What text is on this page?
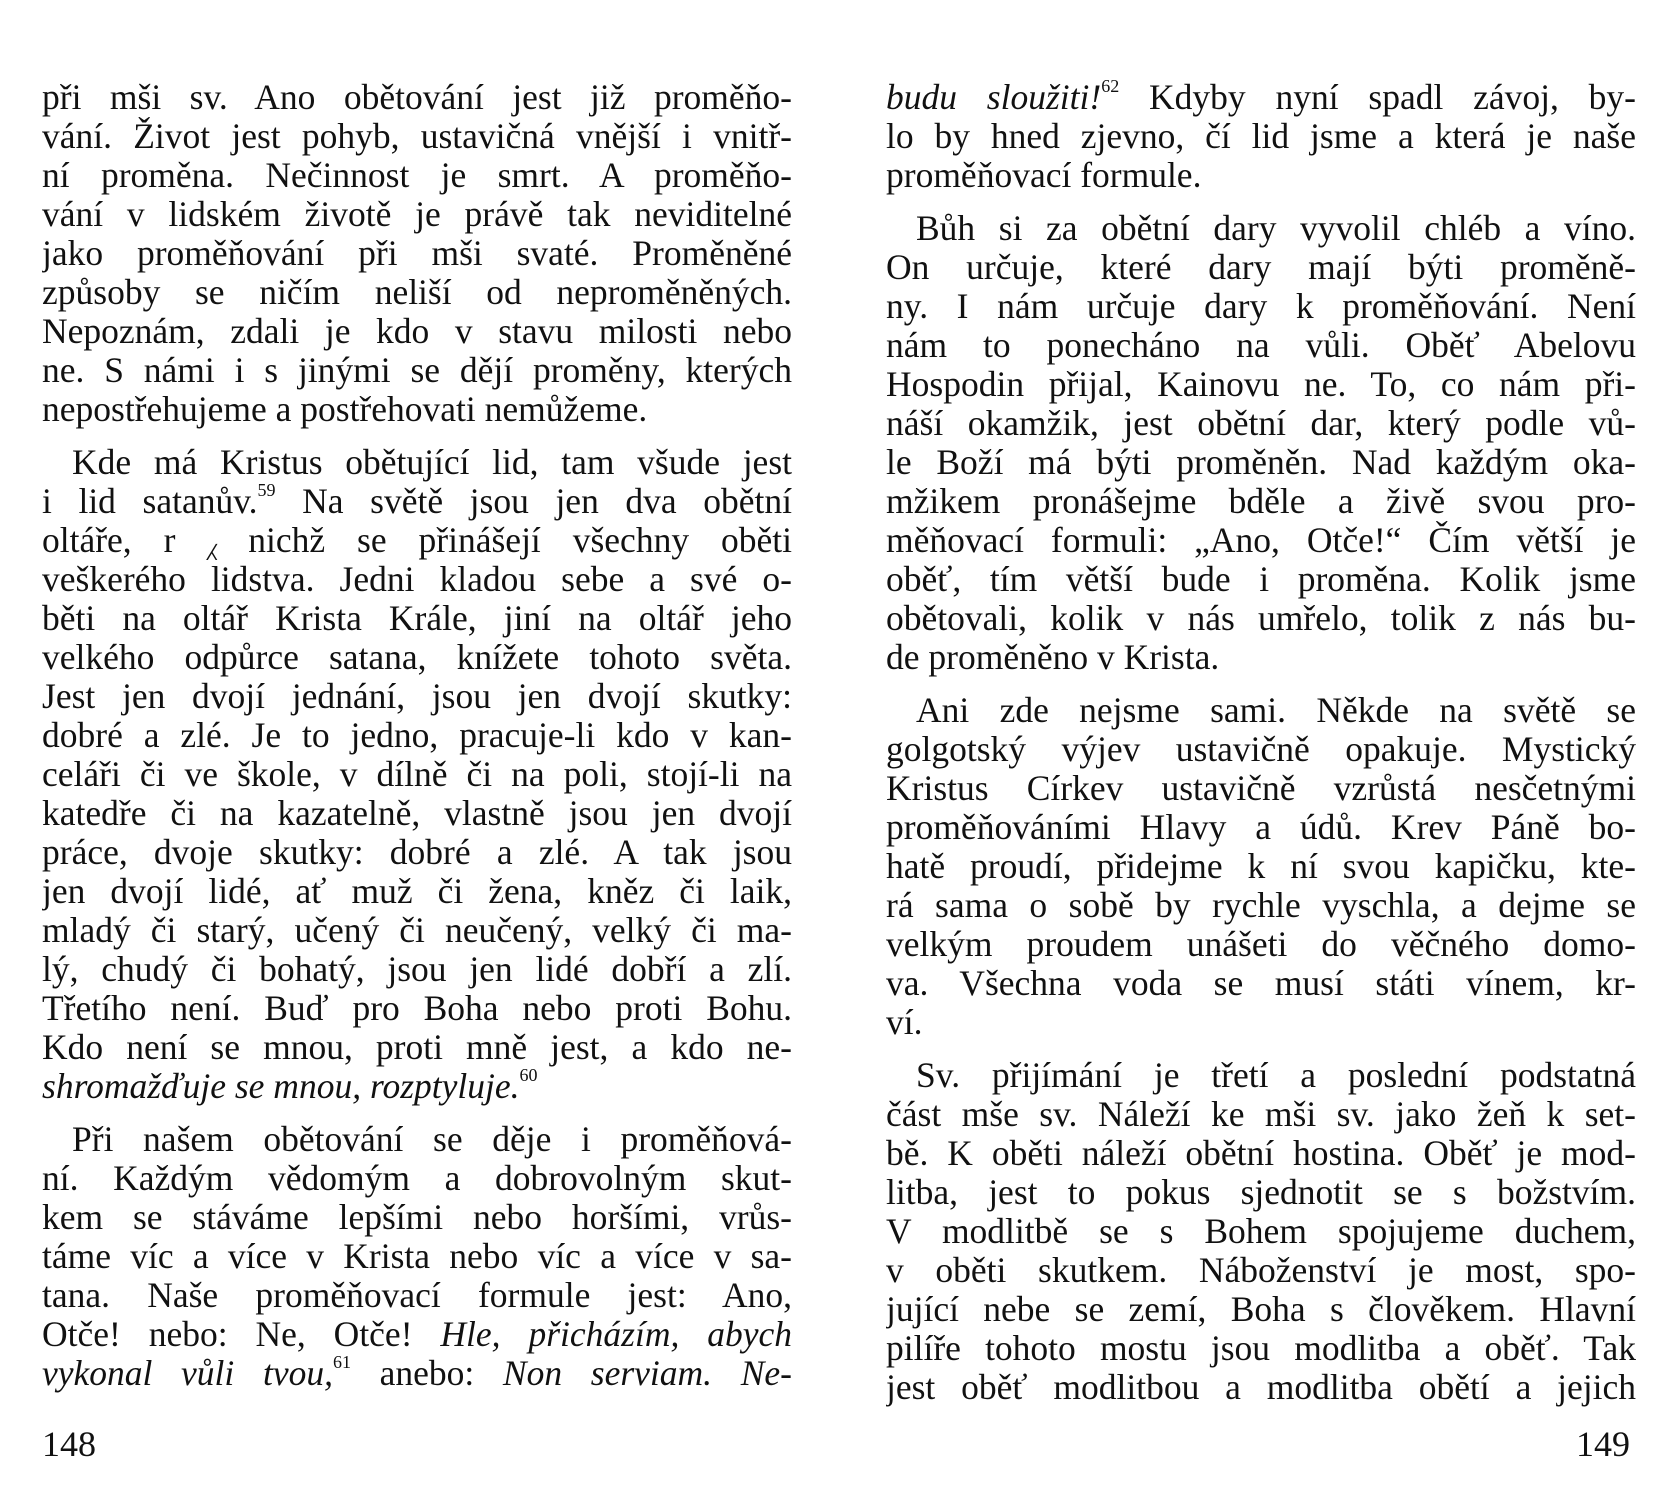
při mši sv. Ano obětování jest již proměňo-
vání. Život jest pohyb, ustavičná vnější i vnitř-
ní proměna. Nečinnost je smrt. A proměňo-
vání v lidském životě je právě tak neviditelné
jako proměňování při mši svaté. Proměněné
způsoby se ničím neliší od neproměněných.
Nepoznám, zdali je kdo v stavu milosti nebo
ne. S námi i s jinými se dějí proměny, kterých
nepostřehujeme a postřehovati nemůžeme.
Kde má Kristus obětující lid, tam všude jest
i lid satanův.$^{59}$ Na světě jsou jen dva obětní
oltáře, r ⁁ nichž se přinášejí všechny oběti
veškerého lidstva. Jedni kladou sebe a své o-
běti na oltář Krista Krále, jiní na oltář jeho
velkého odpůrce satana, knížete tohoto světa.
Jest jen dvojí jednání, jsou jen dvojí skutky:
dobré a zlé. Je to jedno, pracuje-li kdo v kan-
celáři či ve škole, v dílně či na poli, stojí-li na
katedře či na kazatelně, vlastně jsou jen dvojí
práce, dvoje skutky: dobré a zlé. A tak jsou
jen dvojí lidé, ať muž či žena, kněz či laik,
mladý či starý, učený či neučený, velký či ma-
lý, chudý či bohatý, jsou jen lidé dobří a zlí.
Třetího není. Buď pro Boha nebo proti Bohu.
Kdo není se mnou, proti mně jest, a kdo ne-
shromažďuje se mnou, rozptyluje.$^{60}$
Při našem obětování se děje i proměňová-
ní. Každým vědomým a dobrovolným skut-
kem se stáváme lepšími nebo horšími, vrůs-
táme víc a více v Krista nebo víc a více v sa-
tana. Naše proměňovací formule jest: Ano,
Otče! nebo: Ne, Otče! Hle, přicházím, abych
vykonal vůli tvou,$^{61}$ anebo: Non serviam. Ne-
148
budu sloužiti!$^{62}$ Kdyby nyní spadl závoj, by-
lo by hned zjevno, čí lid jsme a která je naše
proměňovací formule.
Bůh si za obětní dary vyvolil chléb a víno.
On určuje, které dary mají býti proměně-
ny. I nám určuje dary k proměňování. Není
nám to ponecháno na vůli. Oběť Abelovu
Hospodin přijal, Kainovu ne. To, co nám při-
náší okamžik, jest obětní dar, který podle vů-
le Boží má býti proměněn. Nad každým oka-
mžikem pronášejme bděle a živě svou pro-
měňovací formuli: „Ano, Otče!“ Čím větší je
oběť, tím větší bude i proměna. Kolik jsme
obětovali, kolik v nás umřelo, tolik z nás bu-
de proměněno v Krista.
Ani zde nejsme sami. Někde na světě se
golgotský výjev ustavičně opakuje. Mystický
Kristus Církev ustavičně vzrůstá nesčetnými
proměňováními Hlavy a údů. Krev Páně bo-
hatě proudí, přidejme k ní svou kapičku, kte-
rá sama o sobě by rychle vyschla, a dejme se
velkým proudem unášeti do věčného domo-
va. Všechna voda se musí státi vínem, kr-
ví.
Sv. přijímání je třetí a poslední podstatná
část mše sv. Náleží ke mši sv. jako žeň k set-
bě. K oběti náleží obětní hostina. Oběť je mod-
litba, jest to pokus sjednotit se s božstvím.
V modlitbě se s Bohem spojujeme duchem,
v oběti skutkem. Náboženství je most, spo-
jující nebe se zemí, Boha s člověkem. Hlavní
pilíře tohoto mostu jsou modlitba a oběť. Tak
jest oběť modlitbou a modlitba obětí a jejich
149
